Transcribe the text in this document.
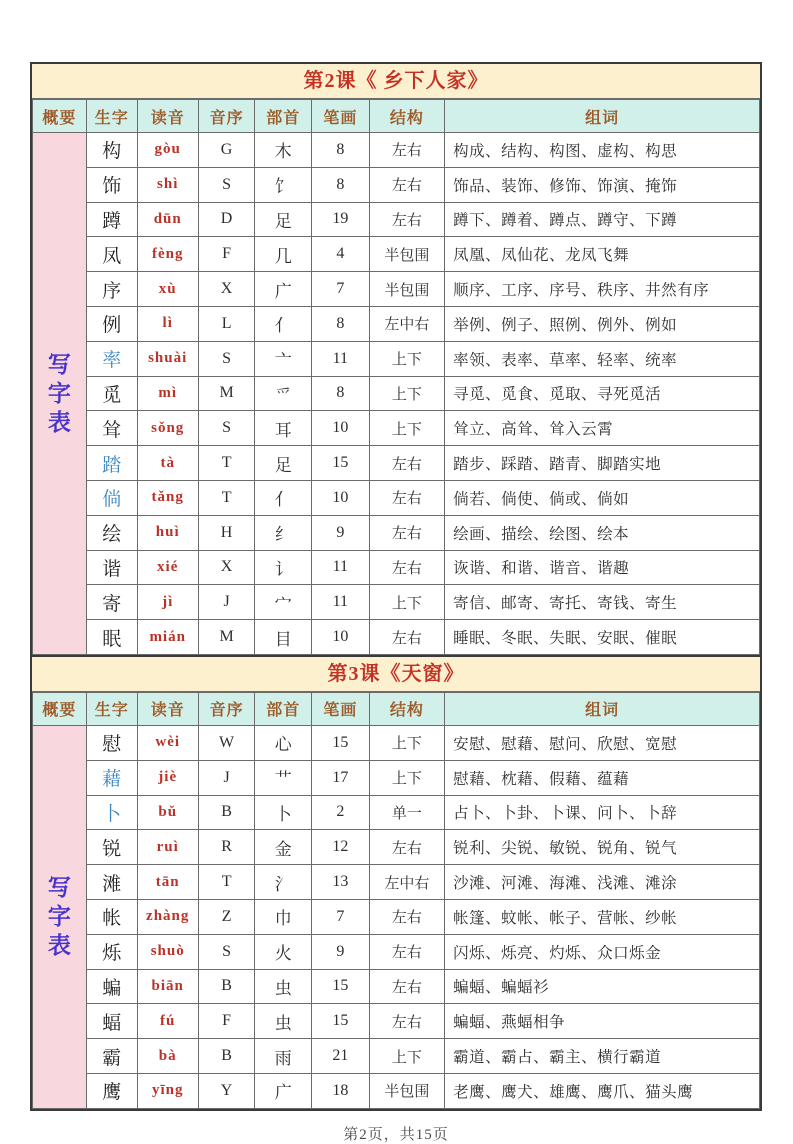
第2课《 乡下人家》
概要	生字	读音	音序	部首	笔画	结构	组词

写
字
表	构	gòu	G	木	8	左右	构成、结构、构图、虚构、构思
	饰	shì	S	饣	8	左右	饰品、装饰、修饰、饰演、掩饰
	蹲	dūn	D	足	19	左右	蹲下、蹲着、蹲点、蹲守、下蹲
	凤	fèng	F	几	4	半包围	凤凰、凤仙花、龙凤飞舞
	序	xù	X	广	7	半包围	顺序、工序、序号、秩序、井然有序
	例	lì	L	亻	8	左中右	举例、例子、照例、例外、例如
	率	shuài	S	亠	11	上下	率领、表率、草率、轻率、统率
	觅	mì	M	爫	8	上下	寻觅、觅食、觅取、寻死觅活
	耸	sǒng	S	耳	10	上下	耸立、高耸、耸入云霄
	踏	tà	T	足	15	左右	踏步、踩踏、踏青、脚踏实地
	倘	tǎng	T	亻	10	左右	倘若、倘使、倘或、倘如
	绘	huì	H	纟	9	左右	绘画、描绘、绘图、绘本
	谐	xié	X	讠	11	左右	诙谐、和谐、谐音、谐趣
	寄	jì	J	宀	11	上下	寄信、邮寄、寄托、寄钱、寄生
	眠	mián	M	目	10	左右	睡眠、冬眠、失眠、安眠、催眠
第3课《天窗》
概要	生字	读音	音序	部首	笔画	结构	组词

写
字
表	慰	wèi	W	心	15	上下	安慰、慰藉、慰问、欣慰、宽慰
	藉	jiè	J	艹	17	上下	慰藉、枕藉、假藉、蕴藉
	卜	bǔ	B	卜	2	单一	占卜、卜卦、卜课、问卜、卜辞
	锐	ruì	R	金	12	左右	锐利、尖锐、敏锐、锐角、锐气
	滩	tān	T	氵	13	左中右	沙滩、河滩、海滩、浅滩、滩涂
	帐	zhàng	Z	巾	7	左右	帐篷、蚊帐、帐子、营帐、纱帐
	烁	shuò	S	火	9	左右	闪烁、烁亮、灼烁、众口烁金
	蝙	biān	B	虫	15	左右	蝙蝠、蝙蝠衫
	蝠	fú	F	虫	15	左右	蝙蝠、燕蝠相争
	霸	bà	B	雨	21	上下	霸道、霸占、霸主、横行霸道
	鹰	yīng	Y	广	18	半包围	老鹰、鹰犬、雄鹰、鹰爪、猫头鹰
第2页，共15页
